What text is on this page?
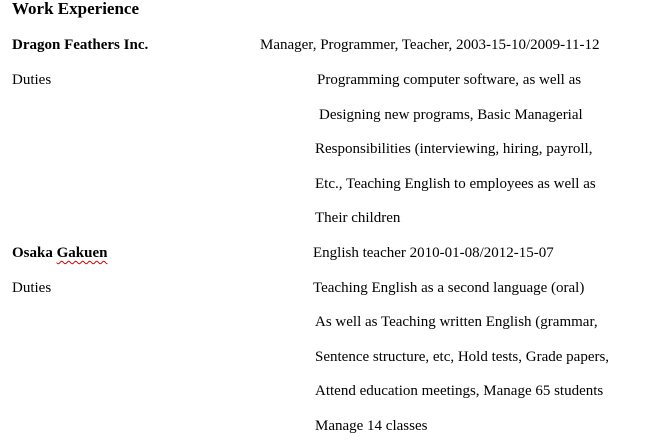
Work Experience
Dragon Feathers Inc.	Manager, Programmer, Teacher, 2003-15-10/2009-11-12
Duties	Programming computer software, as well as
Designing new programs, Basic Managerial
Responsibilities (interviewing, hiring, payroll,
Etc., Teaching English to employees as well as
Their children
Osaka Gakuen	English teacher 2010-01-08/2012-15-07
Duties	Teaching English as a second language (oral)
As well as Teaching written English (grammar,
Sentence structure, etc, Hold tests, Grade papers,
Attend education meetings, Manage 65 students
Manage 14 classes
